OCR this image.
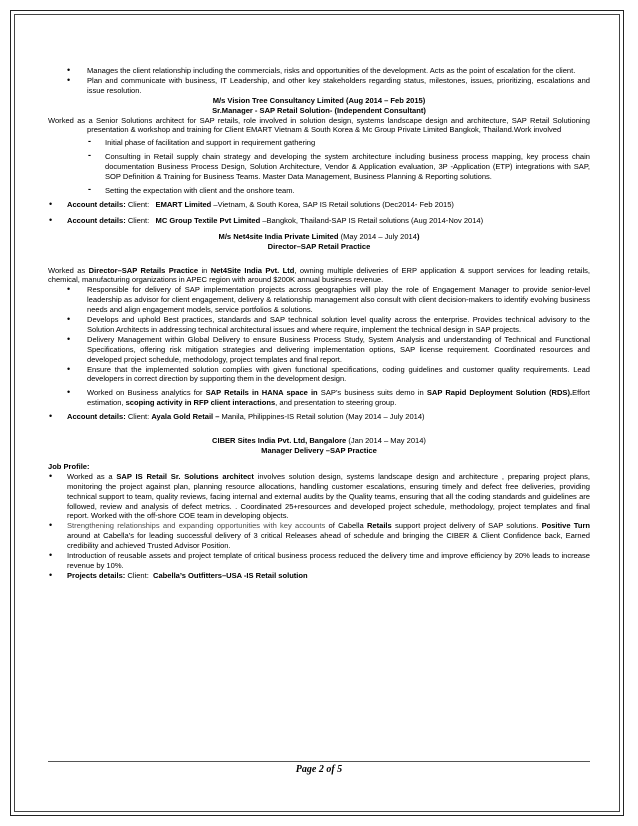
• Manages the client relationship including the commercials, risks and opportunities of the development. Acts as the point of escalation for the client.
• Plan and communicate with business, IT Leadership, and other key stakeholders regarding status, milestones, issues, prioritizing, escalations and issue resolution.
M/s Vision Tree Consultancy Limited (Aug 2014 – Feb 2015)
Sr.Manager - SAP Retail Solution- (Independent Consultant)
Worked as a Senior Solutions architect for SAP retails, role involved in solution design, systems landscape design and architecture, SAP Retail Solutioning presentation & workshop and training for Client EMART Vietnam & South Korea & Mc Group Private Limited Bangkok, Thailand.Work involved
- Initial phase of facilitation and support in requirement gathering
- Consulting in Retail supply chain strategy and developing the system architecture including business process mapping, key process chain documentation Business Process Design, Solution Architecture, Vendor & Application evaluation, 3P -Application (ETP) integrations with SAP, SOP Definition & Training for Business Teams. Master Data Management, Business Planning & Reporting solutions.
- Setting the expectation with client and the onshore team.
• Account details: Client: EMART Limited –Vietnam, & South Korea, SAP IS Retail solutions (Dec2014- Feb 2015)
• Account details: Client: MC Group Textile Pvt Limited –Bangkok, Thailand-SAP IS Retail solutions (Aug 2014-Nov 2014)
M/s Net4site India Private Limited (May 2014 – July 2014)
Director–SAP Retail Practice
Worked as Director–SAP Retails Practice in Net4Site India Pvt. Ltd, owning multiple deliveries of ERP application & support services for leading retails, chemical, manufacturing organizations in APEC region with around $200K annual business revenue.
• Responsible for delivery of SAP implementation projects across geographies will play the role of Engagement Manager to provide senior-level leadership as advisor for client engagement, delivery & relationship management also consult with client decision-makers to identify evolving business needs and align engagement models, service portfolios & solutions.
• Develops and uphold Best practices, standards and SAP technical solution level quality across the enterprise. Provides technical advisory to the Solution Architects in addressing technical architectural issues and where require, implement the technical design in SAP projects.
• Delivery Management within Global Delivery to ensure Business Process Study, System Analysis and understanding of Technical and Functional Specifications, offering risk mitigation strategies and delivering implementation options, SAP license requirement. Coordinated resources and developed project schedule, methodology, project templates and final report.
• Ensure that the implemented solution complies with given functional specifications, coding guidelines and customer quality requirements. Lead developers in correct direction by supporting them in the development design.
• Worked on Business analytics for SAP Retails in HANA space in SAP’s business suits demo in SAP Rapid Deployment Solution (RDS).Effort estimation, scoping activity in RFP client interactions, and presentation to steering group.
• Account details: Client: Ayala Gold Retail – Manila, Philippines-IS Retail solution (May 2014 – July 2014)
CIBER Sites India Pvt. Ltd, Bangalore (Jan 2014 – May 2014)
Manager Delivery –SAP Practice
Job Profile:
• Worked as a SAP IS Retail Sr. Solutions architect involves solution design, systems landscape design and architecture , preparing project plans, monitoring the project against plan, planning resource allocations, handling customer escalations, ensuring timely and defect free deliveries, providing technical support to team, quality reviews, facing internal and external audits by the Quality teams, ensuring that all the coding standards and guidelines are followed, review and analysis of defect metrics. . Coordinated 25+resources and developed project schedule, methodology, project templates and final report. Worked with the off-shore COE team in developing objects.
• Strengthening relationships and expanding opportunities with key accounts of Cabella Retails support project delivery of SAP solutions. Positive Turn around at Cabella’s for leading successful delivery of 3 critical Releases ahead of schedule and bringing the CIBER & Client Confidence back, Earned credibility and achieved Trusted Advisor Position.
• Introduction of reusable assets and project template of critical business process reduced the delivery time and improve efficiency by 20% leads to increase revenue by 10%.
• Projects details: Client: Cabella’s Outfitters–USA -IS Retail solution
Page 2 of 5
